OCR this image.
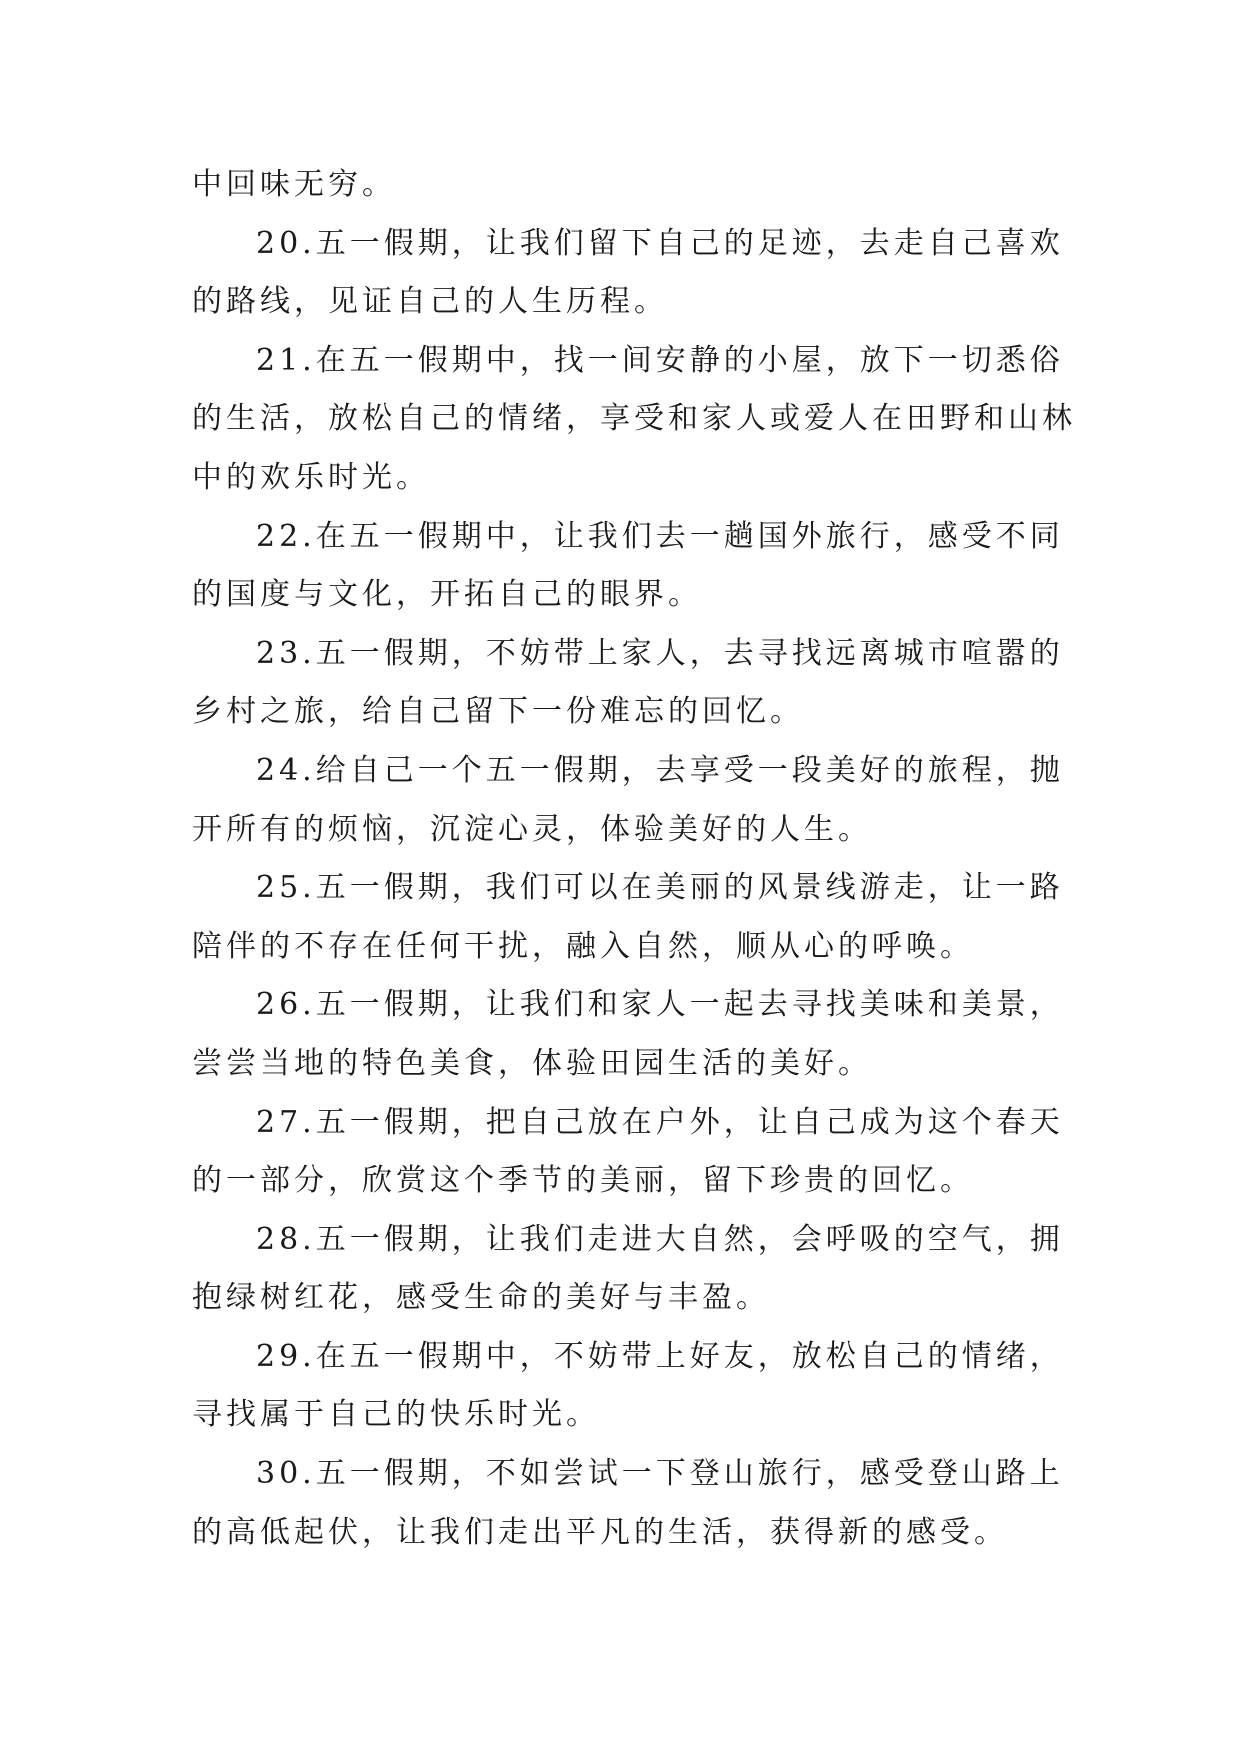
中回味无穷。
20.五一假期，让我们留下自己的足迹，去走自己喜欢
的路线，见证自己的人生历程。
21.在五一假期中，找一间安静的小屋，放下一切悉俗
的生活，放松自己的情绪，享受和家人或爱人在田野和山林
中的欢乐时光。
22.在五一假期中，让我们去一趟国外旅行，感受不同
的国度与文化，开拓自己的眼界。
23.五一假期，不妨带上家人，去寻找远离城市喧嚣的
乡村之旅，给自己留下一份难忘的回忆。
24.给自己一个五一假期，去享受一段美好的旅程，抛
开所有的烦恼，沉淀心灵，体验美好的人生。
25.五一假期，我们可以在美丽的风景线游走，让一路
陪伴的不存在任何干扰，融入自然，顺从心的呼唤。
26.五一假期，让我们和家人一起去寻找美味和美景，
尝尝当地的特色美食，体验田园生活的美好。
27.五一假期，把自己放在户外，让自己成为这个春天
的一部分，欣赏这个季节的美丽，留下珍贵的回忆。
28.五一假期，让我们走进大自然，会呼吸的空气，拥
抱绿树红花，感受生命的美好与丰盈。
29.在五一假期中，不妨带上好友，放松自己的情绪，
寻找属于自己的快乐时光。
30.五一假期，不如尝试一下登山旅行，感受登山路上
的高低起伏，让我们走出平凡的生活，获得新的感受。
